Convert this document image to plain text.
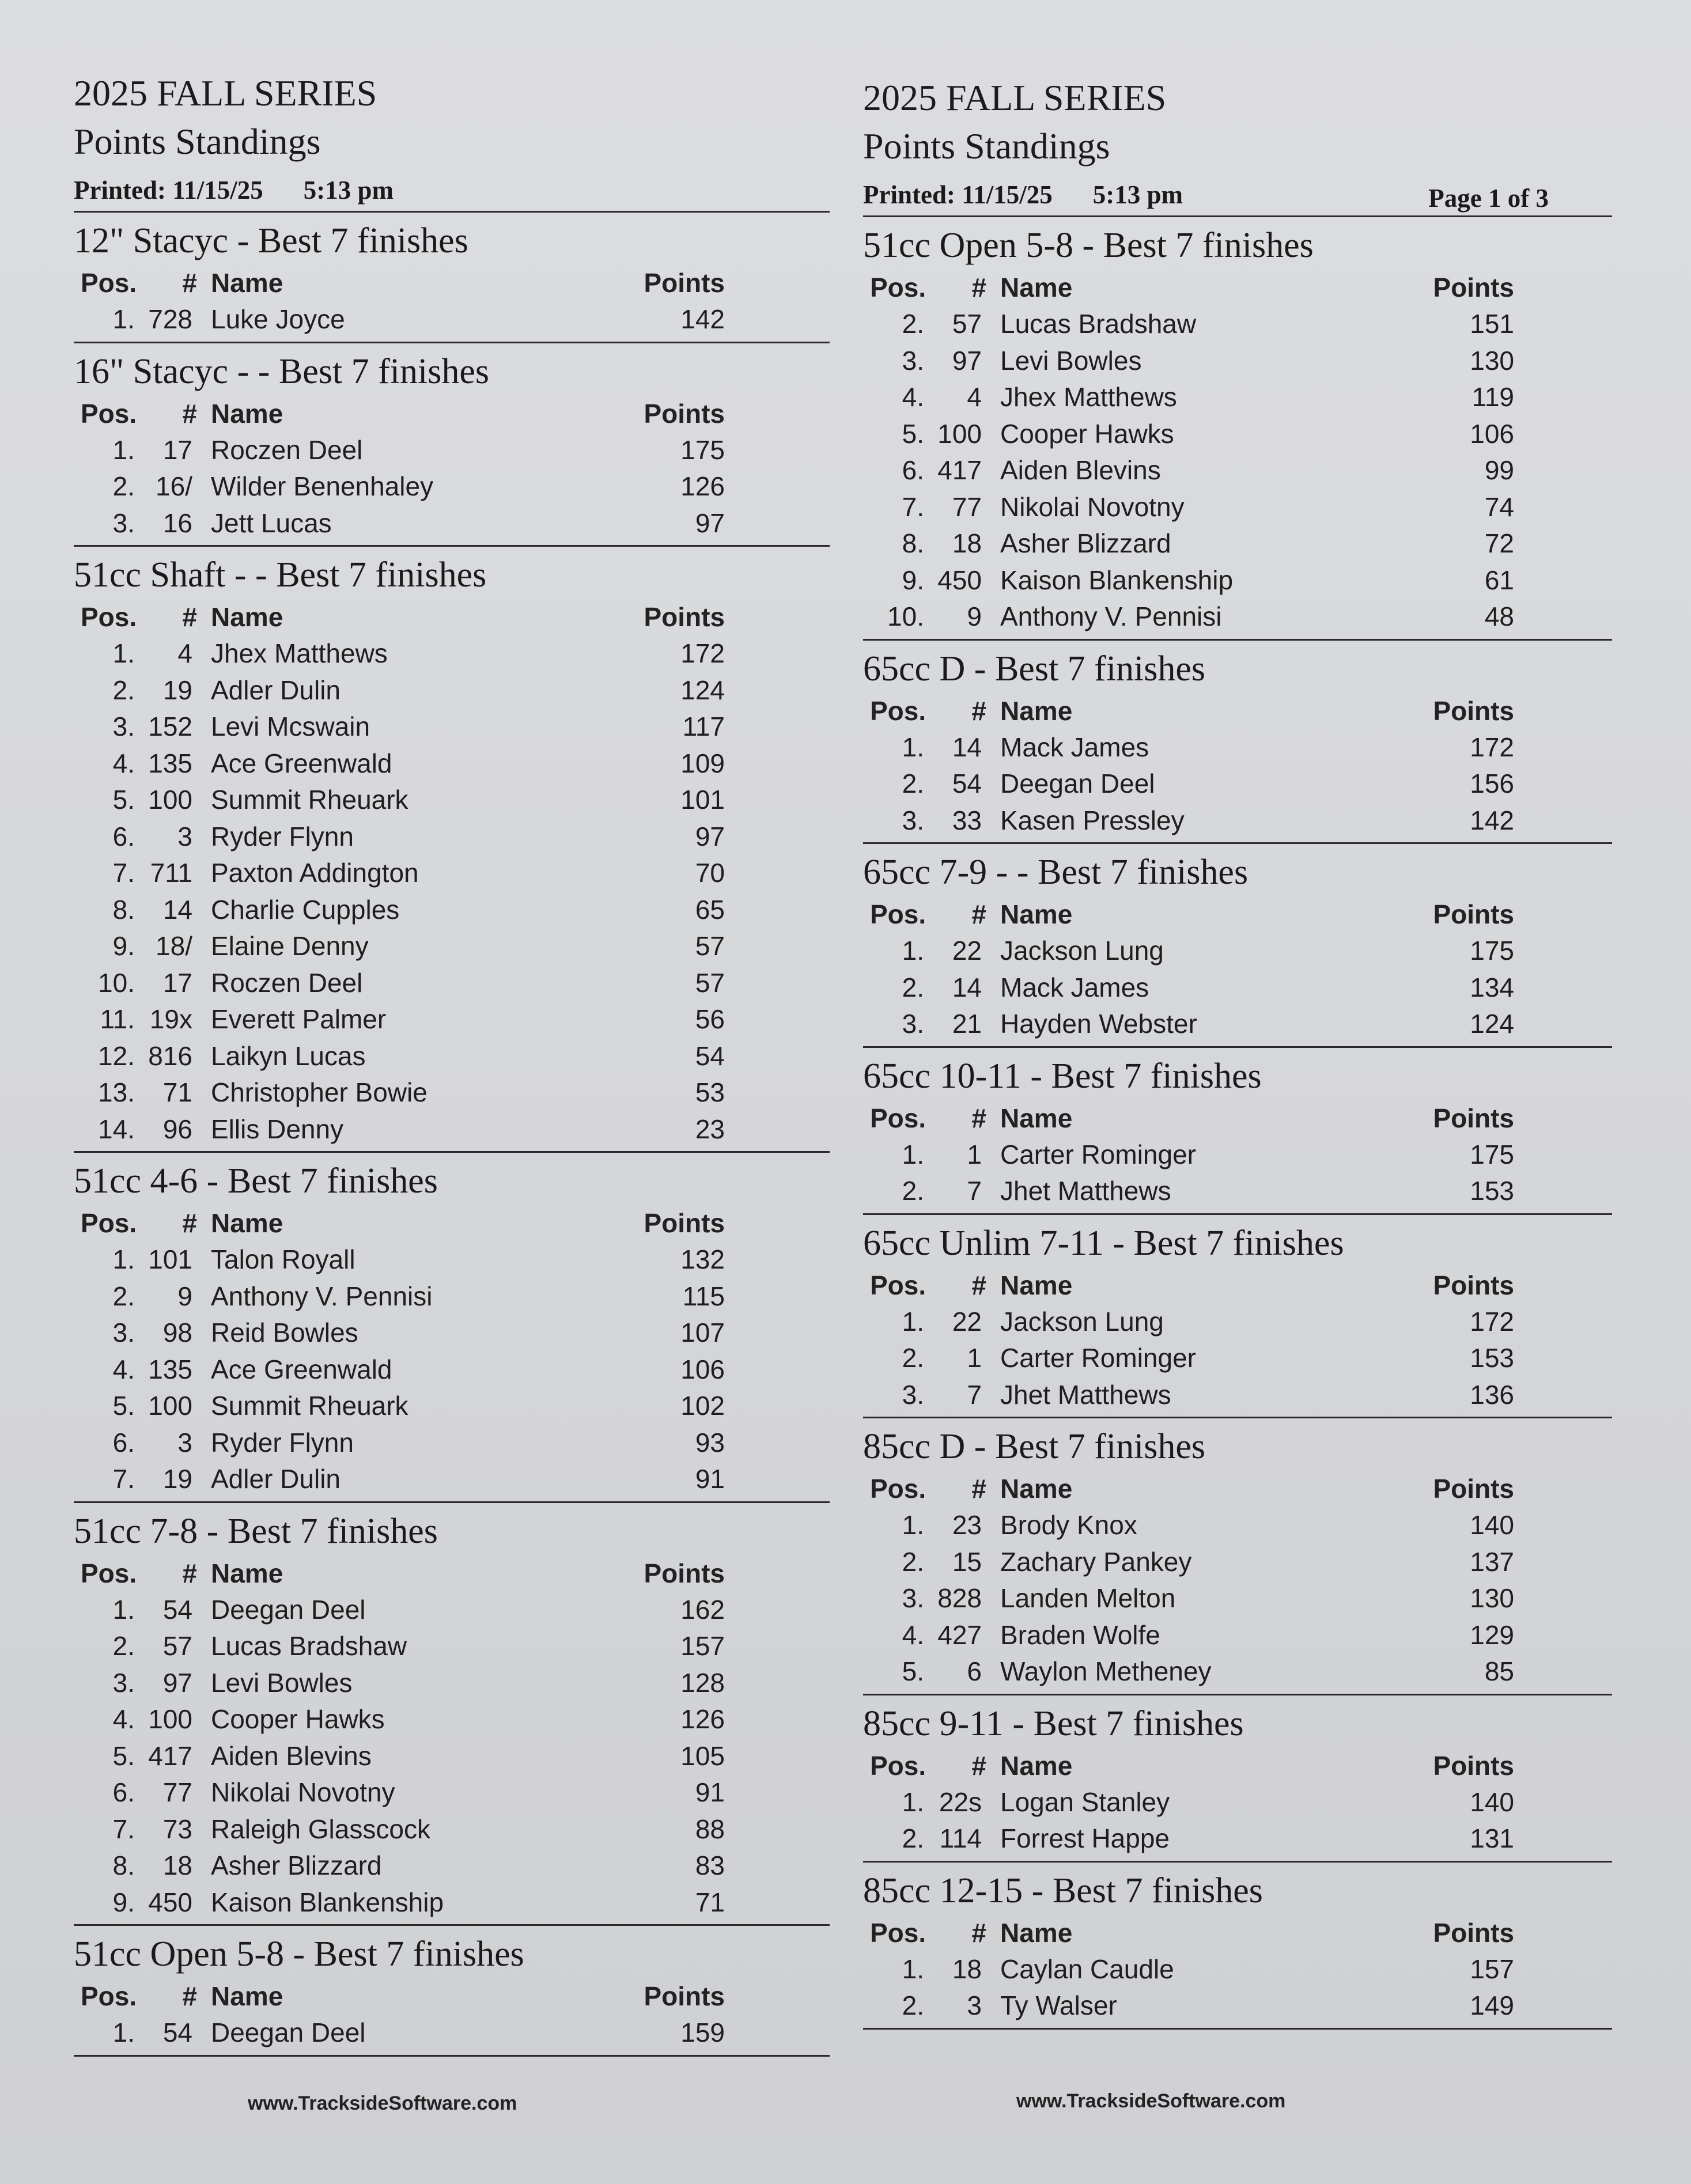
2025 FALL SERIES
Points Standings
Printed:
11/15/25 5:13 pm
12" Stacyc - Best 7 finishes
Pos.	# Name	Points
1. 728 Luke Joyce	142
16" Stacyc - - Best 7 finishes
Pos.	# Name	Points
1.	17 Roczen Deel	175
2. 16/ Wilder Benenhaley	126
3.	16 Jett Lucas	97
51cc Shaft - - Best 7 finishes
Pos.	# Name	Points
1.	4 Jhex Matthews	172
2.	19 Adler Dulin	124
3. 152 Levi Mcswain	117
4. 135 Ace Greenwald	109
5. 100 Summit Rheuark	101
6.	3 Ryder Flynn	97
7. 711 Paxton Addington	70
8.	14 Charlie Cupples	65
9. 18/ Elaine Denny	57
10.	17 Roczen Deel	57
11. 19x Everett Palmer	56
12. 816 Laikyn Lucas	54
13.	71 Christopher Bowie	53
14.	96 Ellis Denny	23
51cc 4-6 - Best 7 finishes
Pos.	# Name	Points
1. 101 Talon Royall	132
2.	9 Anthony V. Pennisi	115
3.	98 Reid Bowles	107
4. 135 Ace Greenwald	106
5. 100 Summit Rheuark	102
6.	3 Ryder Flynn	93
7.	19 Adler Dulin	91
51cc 7-8 - Best 7 finishes
Pos.	# Name	Points
1.	54 Deegan Deel	162
2.	57 Lucas Bradshaw	157
3.	97 Levi Bowles	128
4. 100 Cooper Hawks	126
5. 417 Aiden Blevins	105
6.	77 Nikolai Novotny	91
7.	73 Raleigh Glasscock	88
8.	18 Asher Blizzard	83
9. 450 Kaison Blankenship	71
51cc Open 5-8 - Best 7 finishes
Pos.	# Name	Points
1.	54 Deegan Deel	159
2025 FALL SERIES
Points Standings
Printed:
11/15/25 5:13 pm	Page 1 of 3
51cc Open 5-8 - Best 7 finishes
Pos.	# Name	Points
2.	57 Lucas Bradshaw	151
3.	97 Levi Bowles	130
4.	4 Jhex Matthews	119
5. 100 Cooper Hawks	106
6. 417 Aiden Blevins	99
7.	77 Nikolai Novotny	74
8.	18 Asher Blizzard	72
9. 450 Kaison Blankenship	61
10.	9 Anthony V. Pennisi	48
65cc D - Best 7 finishes
Pos.	# Name	Points
1.	14 Mack James	172
2.	54 Deegan Deel	156
3.	33 Kasen Pressley	142
65cc 7-9 - - Best 7 finishes
Pos.	# Name	Points
1.	22 Jackson Lung	175
2.	14 Mack James	134
3.	21 Hayden Webster	124
65cc 10-11 - Best 7 finishes
Pos.	# Name	Points
1.	1 Carter Rominger	175
2.	7 Jhet Matthews	153
65cc Unlim 7-11 - Best 7 finishes
Pos.	# Name	Points
1.	22 Jackson Lung	172
2.	1 Carter Rominger	153
3.	7 Jhet Matthews	136
85cc D - Best 7 finishes
Pos.	# Name	Points
1.	23 Brody Knox	140
2.	15 Zachary Pankey	137
3. 828 Landen Melton	130
4. 427 Braden Wolfe	129
5.	6 Waylon Metheney	85
85cc 9-11 - Best 7 finishes
Pos.	# Name	Points
1. 22s Logan Stanley	140
2. 114 Forrest Happe	131
85cc 12-15 - Best 7 finishes
Pos.	# Name	Points
1.	18 Caylan Caudle	157
2.	3 Ty Walser	149
www.TracksideSoftware.com	www.TracksideSoftware.com
